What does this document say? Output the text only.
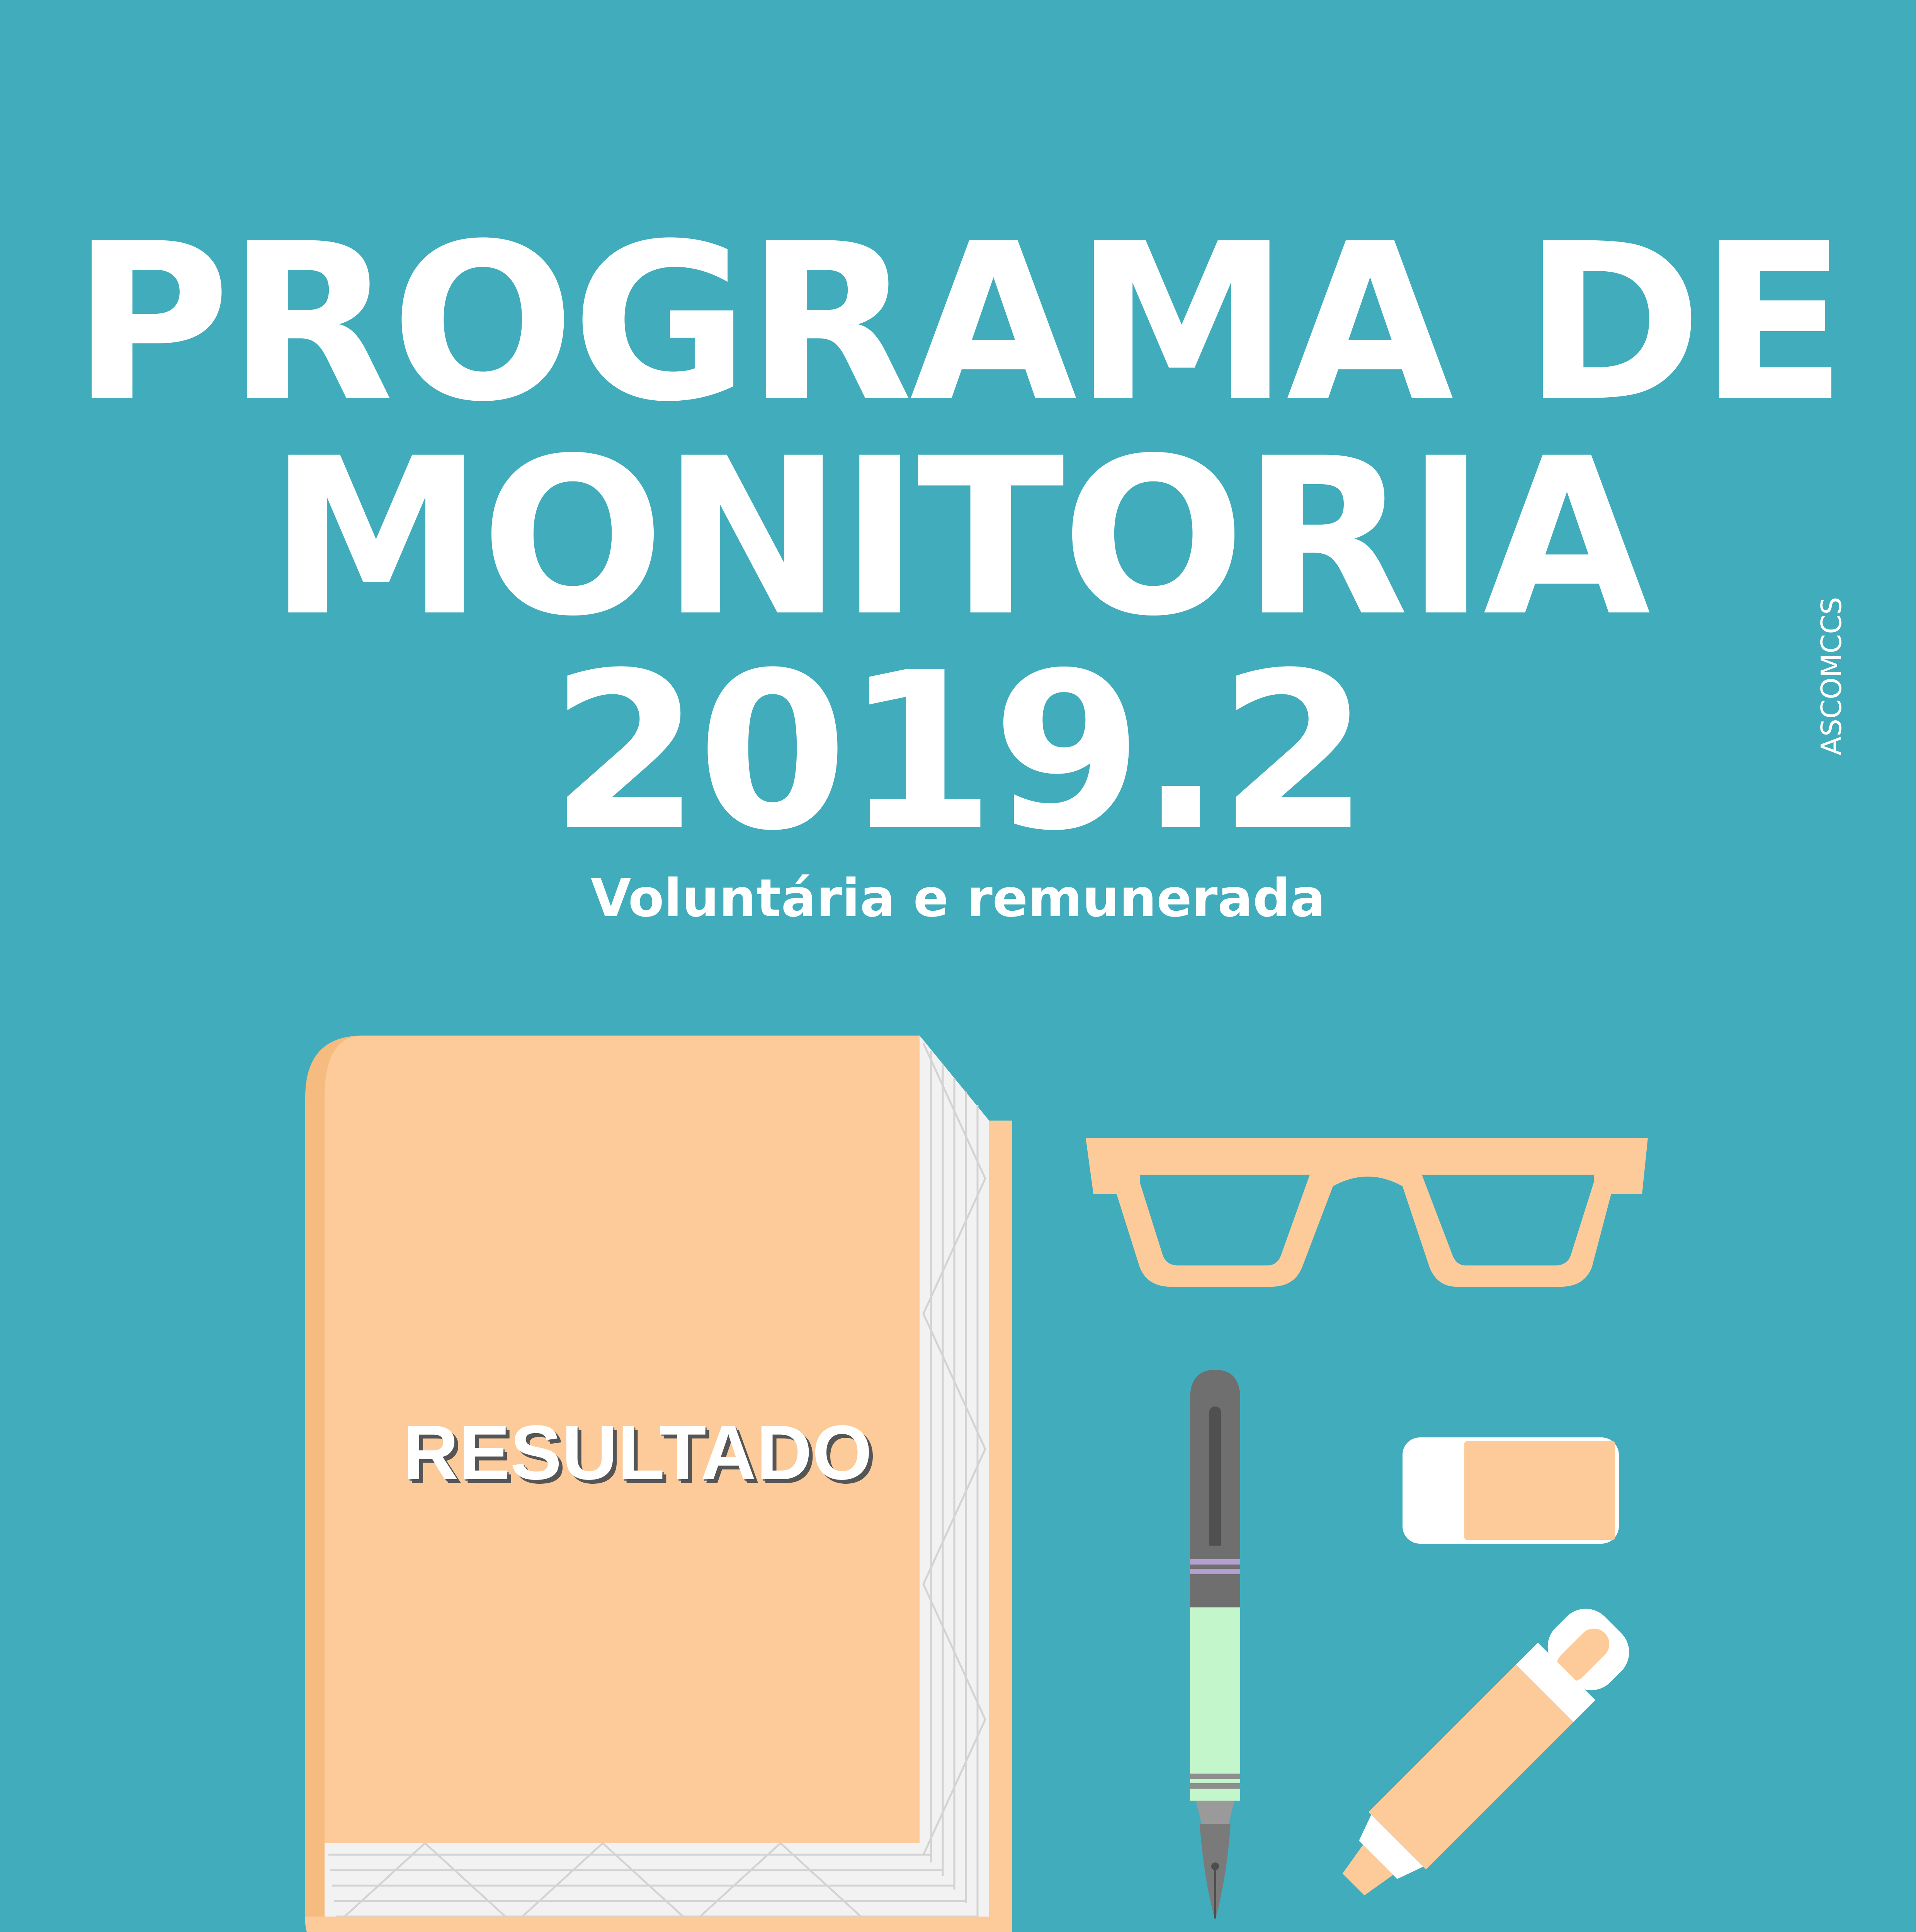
PROGRAMA DE
MONITORIA
2019.2
Voluntária e remunerada
ASCOMCCS
RESULTADO
